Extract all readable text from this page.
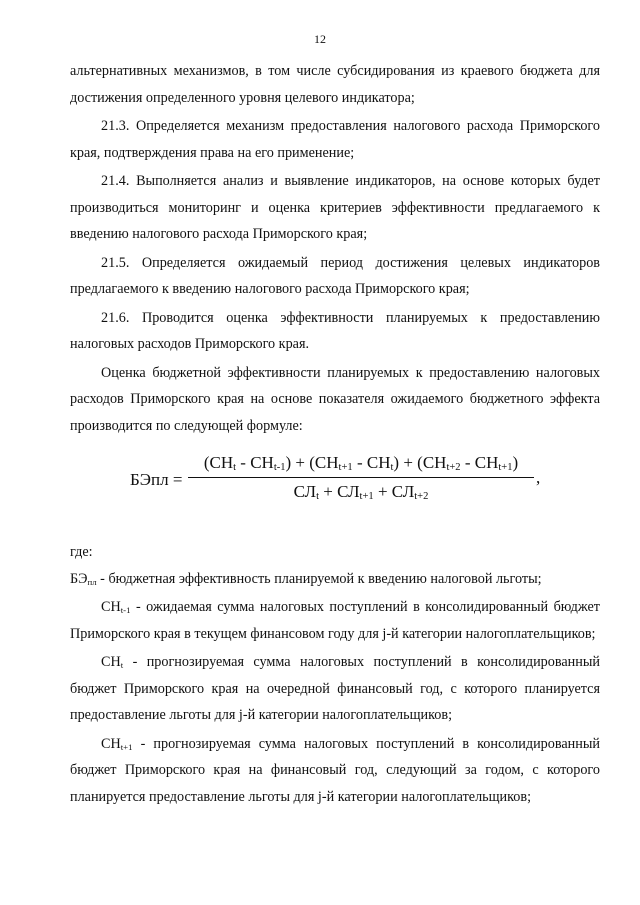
12

альтернативных механизмов, в том числе субсидирования из краевого бюджета для достижения определенного уровня целевого индикатора;

21.3. Определяется механизм предоставления налогового расхода Приморского края, подтверждения права на его применение;

21.4. Выполняется анализ и выявление индикаторов, на основе которых будет производиться мониторинг и оценка критериев эффективности предлагаемого к введению налогового расхода Приморского края;

21.5. Определяется ожидаемый период достижения целевых индикаторов предлагаемого к введению налогового расхода Приморского края;

21.6. Проводится оценка эффективности планируемых к предоставлению налоговых расходов Приморского края.

Оценка бюджетной эффективности планируемых к предоставлению налоговых расходов Приморского края на основе показателя ожидаемого бюджетного эффекта производится по следующей формуле:

БЭпл =
$(СН_t - СН_{t-1}) + (СН_{t+1} - СН_t) + (СН_{t+2} - СН_{t+1})$
$СЛ_t + СЛ_{t+1} + СЛ_{t+2}$
,

где:

$БЭ_{пл}$ - бюджетная эффективность планируемой к введению налоговой льготы;

$СН_{t-1}$ - ожидаемая сумма налоговых поступлений в консолидированный бюджет Приморского края в текущем финансовом году для j-й категории налогоплательщиков;

$СН_t$ - прогнозируемая сумма налоговых поступлений в консолидированный бюджет Приморского края на очередной финансовый год, с которого планируется предоставление льготы для j-й категории налогоплательщиков;

$СН_{t+1}$ - прогнозируемая сумма налоговых поступлений в консолидированный бюджет Приморского края на финансовый год, следующий за годом, с которого планируется предоставление льготы для j-й категории налогоплательщиков;
